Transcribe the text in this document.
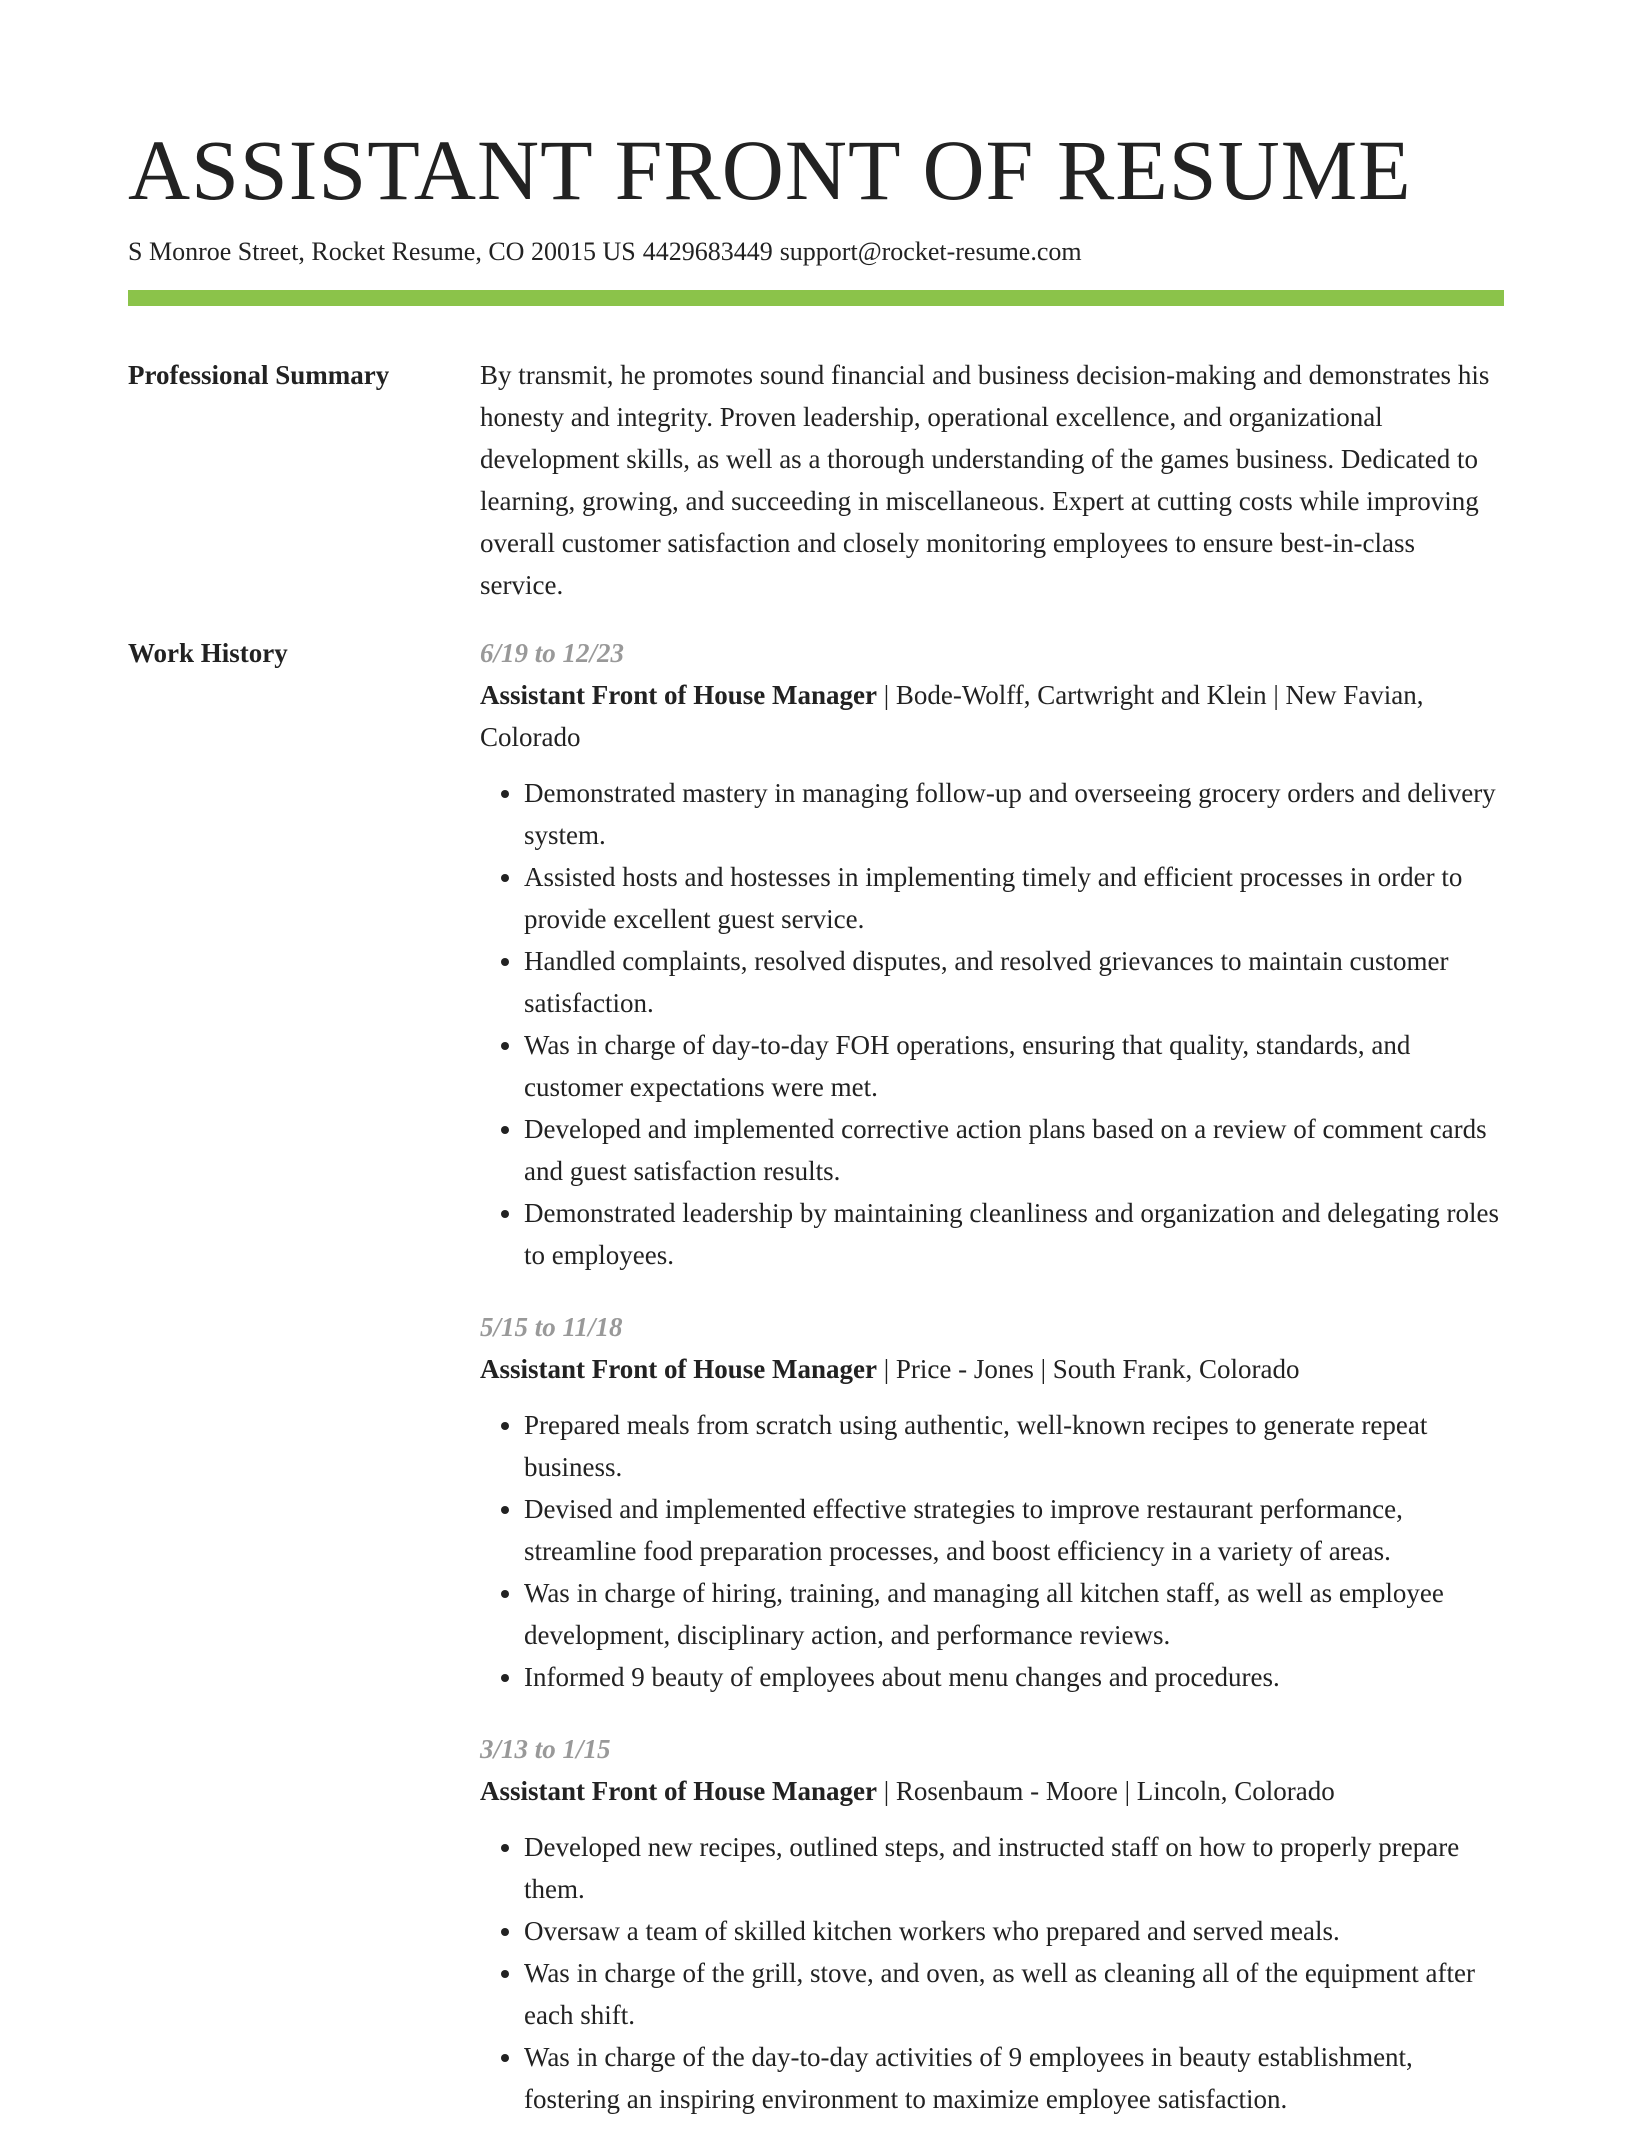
ASSISTANT FRONT OF RESUME
S Monroe Street, Rocket Resume, CO 20015 US 4429683449 support@rocket-resume.com
Professional Summary	By transmit, he promotes sound financial and business decision-making and demonstrates his honesty and integrity. Proven leadership, operational excellence, and organizational development skills, as well as a thorough understanding of the games business. Dedicated to learning, growing, and succeeding in miscellaneous. Expert at cutting costs while improving overall customer satisfaction and closely monitoring employees to ensure best-in-class service.

Work History	6/19 to 12/23
Assistant Front of House Manager | Bode-Wolff, Cartwright and Klein | New Favian, Colorado
• Demonstrated mastery in managing follow-up and overseeing grocery orders and delivery system.
• Assisted hosts and hostesses in implementing timely and efficient processes in order to provide excellent guest service.
• Handled complaints, resolved disputes, and resolved grievances to maintain customer satisfaction.
• Was in charge of day-to-day FOH operations, ensuring that quality, standards, and customer expectations were met.
• Developed and implemented corrective action plans based on a review of comment cards and guest satisfaction results.
• Demonstrated leadership by maintaining cleanliness and organization and delegating roles to employees.
5/15 to 11/18
Assistant Front of House Manager | Price - Jones | South Frank, Colorado
• Prepared meals from scratch using authentic, well-known recipes to generate repeat business.
• Devised and implemented effective strategies to improve restaurant performance, streamline food preparation processes, and boost efficiency in a variety of areas.
• Was in charge of hiring, training, and managing all kitchen staff, as well as employee development, disciplinary action, and performance reviews.
• Informed 9 beauty of employees about menu changes and procedures.
3/13 to 1/15
Assistant Front of House Manager | Rosenbaum - Moore | Lincoln, Colorado
• Developed new recipes, outlined steps, and instructed staff on how to properly prepare them.
• Oversaw a team of skilled kitchen workers who prepared and served meals.
• Was in charge of the grill, stove, and oven, as well as cleaning all of the equipment after each shift.
• Was in charge of the day-to-day activities of 9 employees in beauty establishment, fostering an inspiring environment to maximize employee satisfaction.
